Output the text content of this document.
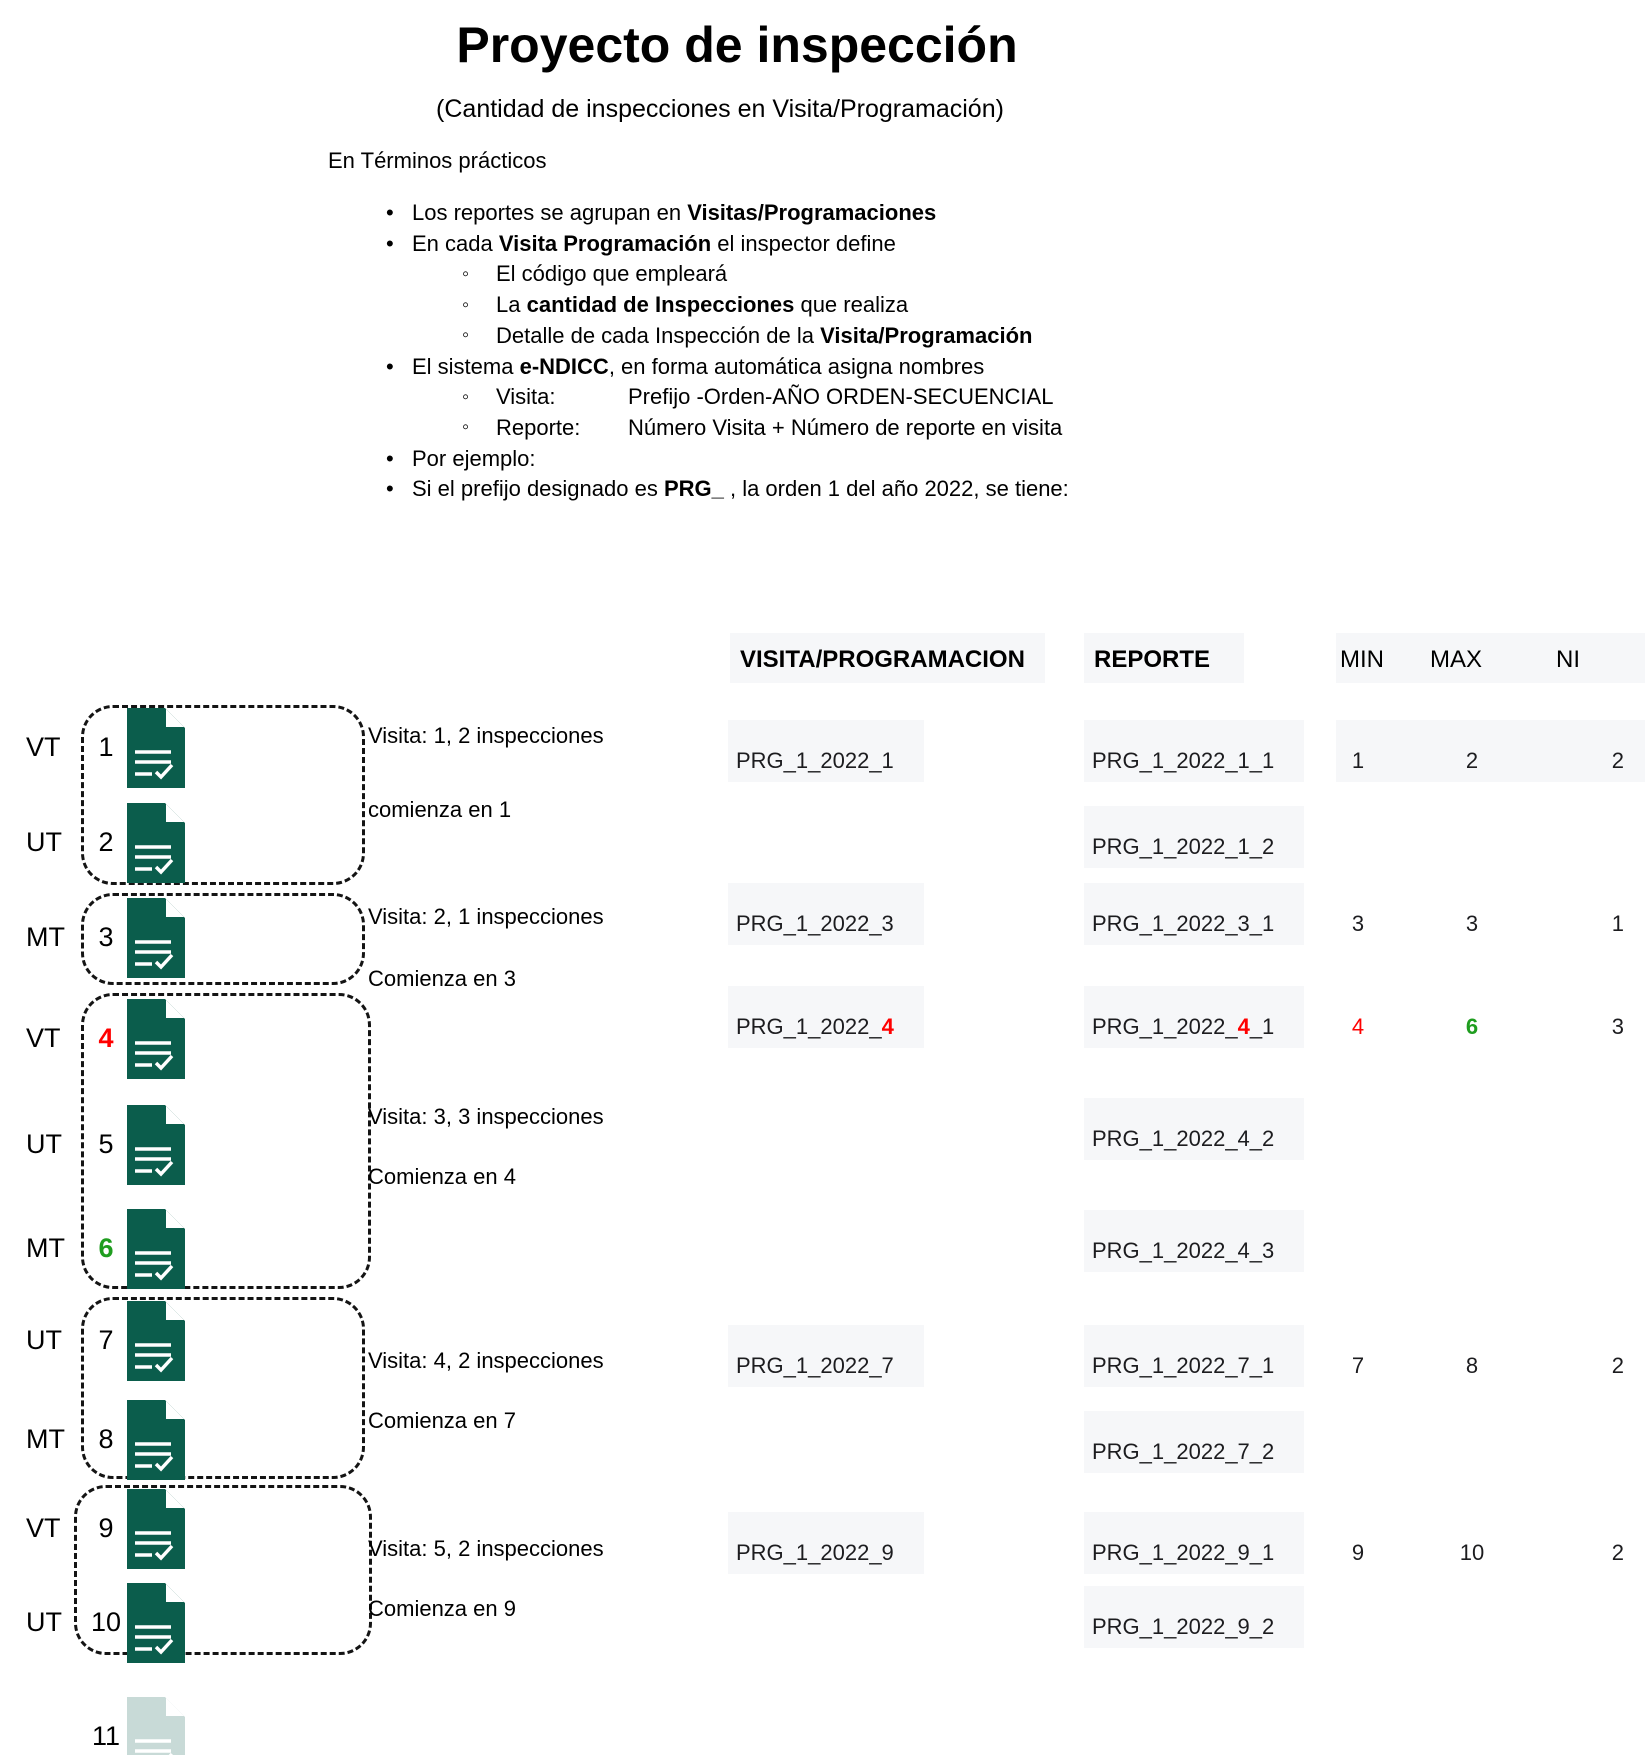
Proyecto de inspección
(Cantidad de inspecciones en Visita/Programación)
En Términos prácticos
• Los reportes se agrupan en Visitas/Programaciones
• En cada Visita Programación el inspector define
◦	El código que empleará
◦	La cantidad de Inspecciones que realiza
◦	Detalle de cada Inspección de la Visita/Programación
• El sistema e-NDICC , en forma automática asigna nombres
◦	Visita:	Prefijo -Orden-AÑO ORDEN-SECUENCIAL
◦	Reporte:	Número Visita + Número de reporte en visita
• Por ejemplo:
• Si el prefijo designado es PRG_ , la orden 1 del año 2022, se tiene:
VISITA/PROGRAMACION	REPORTE	MIN	MAX	NI
Visita: 1, 2 inspecciones
comienza en 1
Visita: 2, 1 inspecciones
Comienza en 3
Visita: 3, 3 inspecciones
Comienza en 4
Visita: 4, 2 inspecciones
Comienza en 7
Visita: 5, 2 inspecciones
Comienza en 9
VT	1
UT	2
MT	3
VT	4
UT	5
MT	6
UT	7
MT	8
VT	9
UT	10
11
PRG_1_2022_1	PRG_1_2022_1_1	1	2	2
PRG_1_2022_1_2
PRG_1_2022_3	PRG_1_2022_3_1	3	3	1
PRG_1_2022_ 4	PRG_1_2022_ 4 _1	4	6	3
PRG_1_2022_4_2
PRG_1_2022_4_3
PRG_1_2022_7	PRG_1_2022_7_1	7	8	2
PRG_1_2022_7_2
PRG_1_2022_9	PRG_1_2022_9_1	9	10	2
PRG_1_2022_9_2
